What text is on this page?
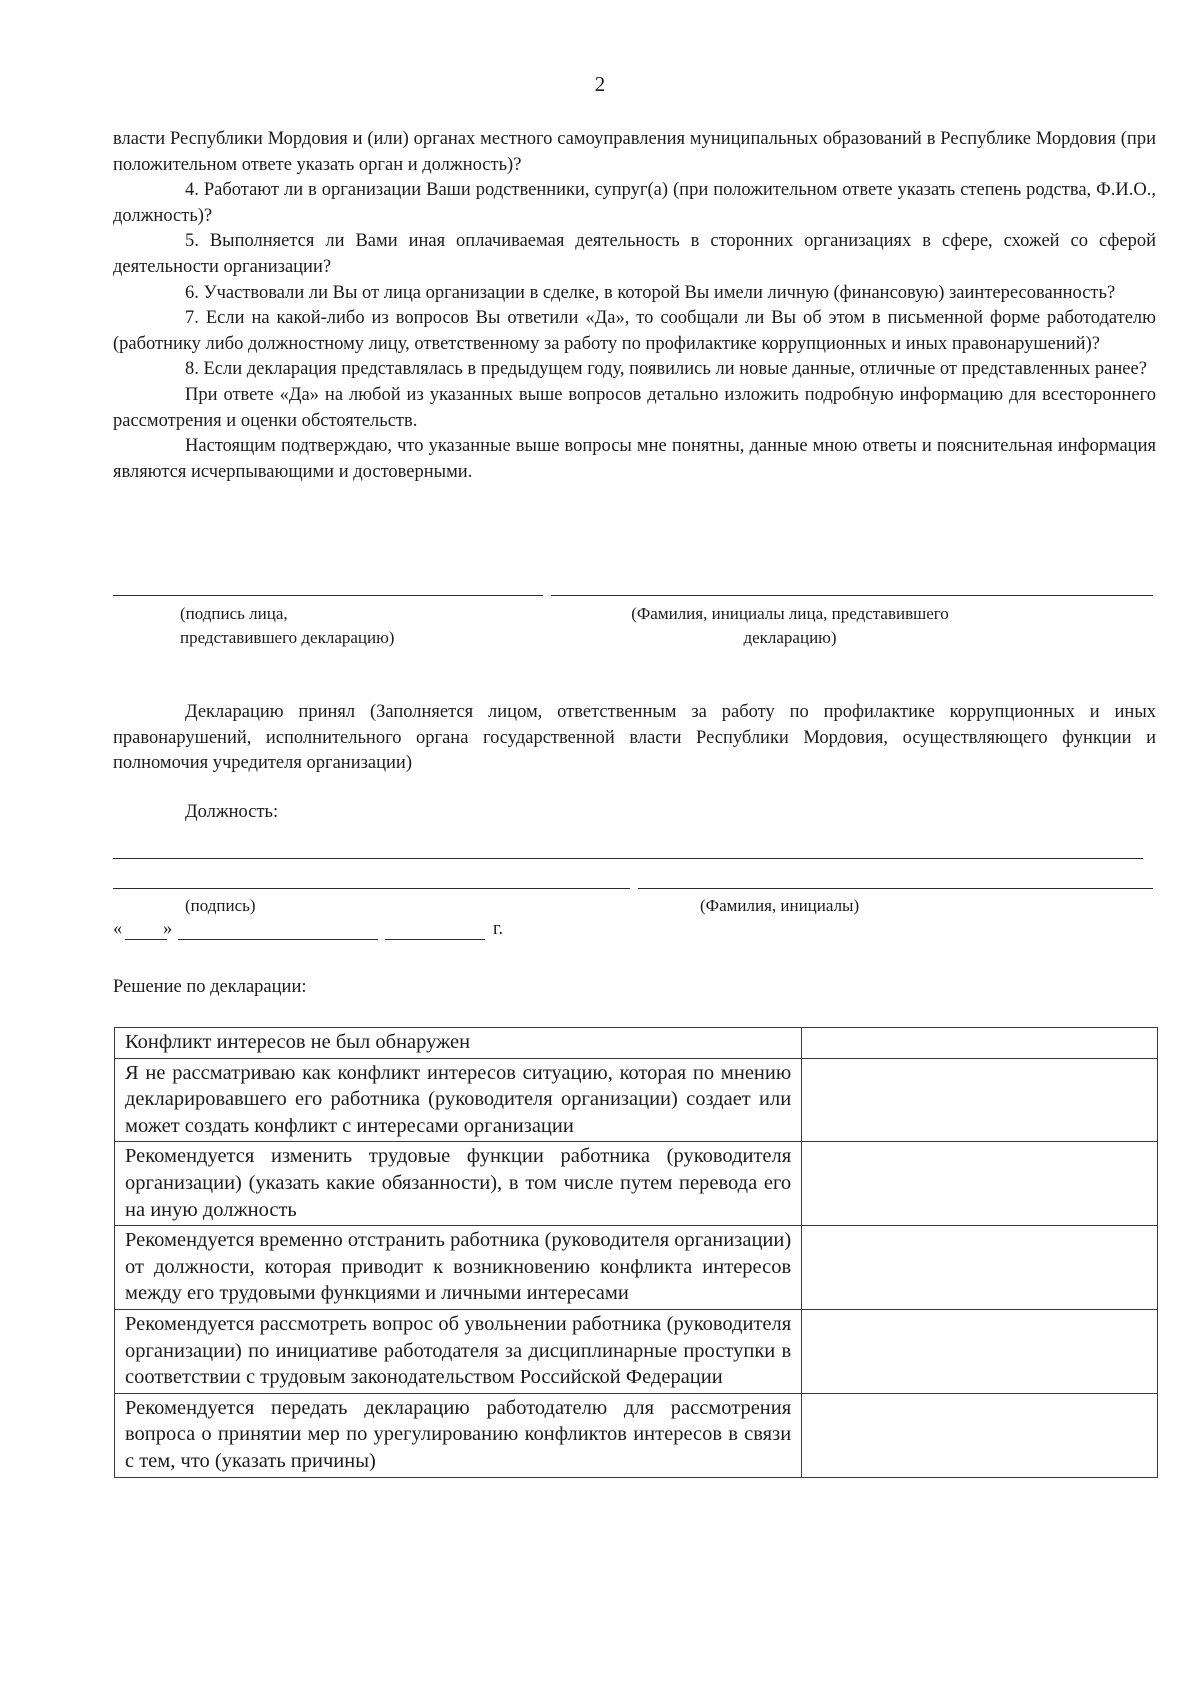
2

власти Республики Мордовия и (или) органах местного самоуправления муниципальных образований в Республике Мордовия (при положительном ответе указать орган и должность)?

4. Работают ли в организации Ваши родственники, супруг(а) (при положительном ответе указать степень родства, Ф.И.О., должность)?

5. Выполняется ли Вами иная оплачиваемая деятельность в сторонних организациях в сфере, схожей со сферой деятельности организации?

6. Участвовали ли Вы от лица организации в сделке, в которой Вы имели личную (финансовую) заинтересованность?

7. Если на какой-либо из вопросов Вы ответили «Да», то сообщали ли Вы об этом в письменной форме работодателю (работнику либо должностному лицу, ответственному за работу по профилактике коррупционных и иных правонарушений)?

8. Если декларация представлялась в предыдущем году, появились ли новые данные, отличные от представленных ранее?

При ответе «Да» на любой из указанных выше вопросов детально изложить подробную информацию для всестороннего рассмотрения и оценки обстоятельств.

Настоящим подтверждаю, что указанные выше вопросы мне понятны, данные мною ответы и пояснительная информация являются исчерпывающими и достоверными.

(подпись лица,
представившего декларацию)
(Фамилия, инициалы лица, представившего
декларацию)

Декларацию принял (Заполняется лицом, ответственным за работу по профилактике коррупционных и иных правонарушений, исполнительного органа государственной власти Республики Мордовия, осуществляющего функции и полномочия учредителя организации)

Должность:
(подпись)	(Фамилия, инициалы)
« »	г.
Решение по декларации:
Конфликт интересов не был обнаружен	
Я не рассматриваю как конфликт интересов ситуацию, которая по мнению декларировавшего его работника (руководителя организации) создает или может создать конфликт с интересами организации	
Рекомендуется изменить трудовые функции работника (руководителя организации) (указать какие обязанности), в том числе путем перевода его на иную должность	
Рекомендуется временно отстранить работника (руководителя организации) от должности, которая приводит к возникновению конфликта интересов между его трудовыми функциями и личными интересами	
Рекомендуется рассмотреть вопрос об увольнении работника (руководителя организации) по инициативе работодателя за дисциплинарные проступки в соответствии с трудовым законодательством Российской Федерации	
Рекомендуется передать декларацию работодателю для рассмотрения вопроса о принятии мер по урегулированию конфликтов интересов в связи с тем, что (указать причины)	
